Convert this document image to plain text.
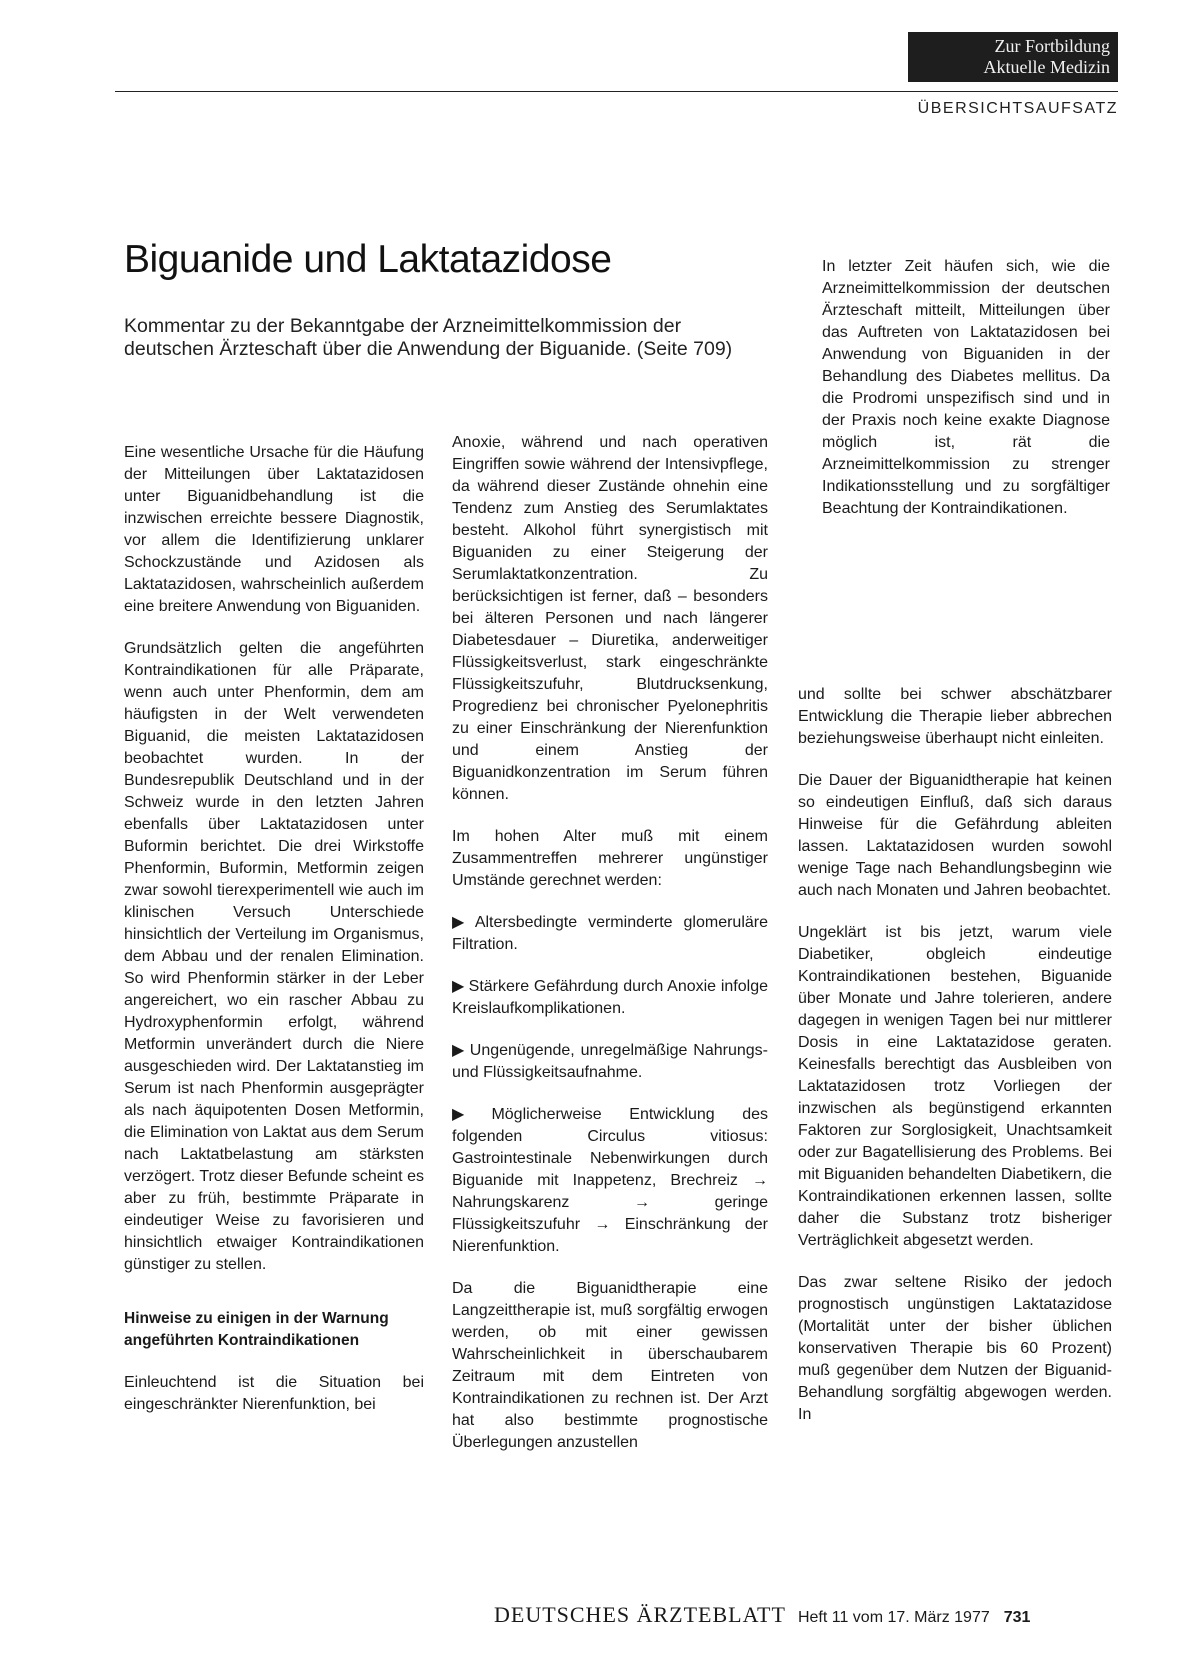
Zur Fortbildung
Aktuelle Medizin
ÜBERSICHTSAUFSATZ
Biguanide und Laktatazidose

Kommentar zu der Bekanntgabe der Arzneimittelkommission der deutschen Ärzteschaft über die Anwendung der Biguanide. (Seite 709)

Eine wesentliche Ursache für die Häufung der Mitteilungen über Laktatazidosen unter Biguanidbehandlung ist die inzwischen erreichte bessere Diagnostik, vor allem die Identifizierung unklarer Schockzustände und Azidosen als Laktatazidosen, wahrscheinlich außerdem eine breitere Anwendung von Biguaniden.

Grundsätzlich gelten die angeführten Kontraindikationen für alle Präparate, wenn auch unter Phenformin, dem am häufigsten in der Welt verwendeten Biguanid, die meisten Laktatazidosen beobachtet wurden. In der Bundesrepublik Deutschland und in der Schweiz wurde in den letzten Jahren ebenfalls über Laktatazidosen unter Buformin berichtet. Die drei Wirkstoffe Phenformin, Buformin, Metformin zeigen zwar sowohl tierexperimentell wie auch im klinischen Versuch Unterschiede hinsichtlich der Verteilung im Organismus, dem Abbau und der renalen Elimination. So wird Phenformin stärker in der Leber angereichert, wo ein rascher Abbau zu Hydroxyphenformin erfolgt, während Metformin unverändert durch die Niere ausgeschieden wird. Der Laktatanstieg im Serum ist nach Phenformin ausgeprägter als nach äquipotenten Dosen Metformin, die Elimination von Laktat aus dem Serum nach Laktatbelastung am stärksten verzögert. Trotz dieser Befunde scheint es aber zu früh, bestimmte Präparate in eindeutiger Weise zu favorisieren und hinsichtlich etwaiger Kontraindikationen günstiger zu stellen.

Hinweise zu einigen in der Warnung angeführten Kontraindikationen

Einleuchtend ist die Situation bei eingeschränkter Nierenfunktion, bei

Anoxie, während und nach operativen Eingriffen sowie während der Intensivpflege, da während dieser Zustände ohnehin eine Tendenz zum Anstieg des Serumlaktates besteht. Alkohol führt synergistisch mit Biguaniden zu einer Steigerung der Serumlaktatkonzentration. Zu berücksichtigen ist ferner, daß – besonders bei älteren Personen und nach längerer Diabetesdauer – Diuretika, anderweitiger Flüssigkeitsverlust, stark eingeschränkte Flüssigkeitszufuhr, Blutdrucksenkung, Progredienz bei chronischer Pyelonephritis zu einer Einschränkung der Nierenfunktion und einem Anstieg der Biguanidkonzentration im Serum führen können.

Im hohen Alter muß mit einem Zusammentreffen mehrerer ungünstiger Umstände gerechnet werden:

▶ Altersbedingte verminderte glomeruläre Filtration.

▶ Stärkere Gefährdung durch Anoxie infolge Kreislaufkomplikationen.

▶ Ungenügende, unregelmäßige Nahrungs- und Flüssigkeitsaufnahme.

▶ Möglicherweise Entwicklung des folgenden Circulus vitiosus: Gastrointestinale Nebenwirkungen durch Biguanide mit Inappetenz, Brechreiz → Nahrungskarenz → geringe Flüssigkeitszufuhr → Einschränkung der Nierenfunktion.

Da die Biguanidtherapie eine Langzeittherapie ist, muß sorgfältig erwogen werden, ob mit einer gewissen Wahrscheinlichkeit in überschaubarem Zeitraum mit dem Eintreten von Kontraindikationen zu rechnen ist. Der Arzt hat also bestimmte prognostische Überlegungen anzustellen

In letzter Zeit häufen sich, wie die Arzneimittelkommission der deutschen Ärzteschaft mitteilt, Mitteilungen über das Auftreten von Laktatazidosen bei Anwendung von Biguaniden in der Behandlung des Diabetes mellitus. Da die Prodromi unspezifisch sind und in der Praxis noch keine exakte Diagnose möglich ist, rät die Arzneimittelkommission zu strenger Indikationsstellung und zu sorgfältiger Beachtung der Kontraindikationen.

und sollte bei schwer abschätzbarer Entwicklung die Therapie lieber abbrechen beziehungsweise überhaupt nicht einleiten.

Die Dauer der Biguanidtherapie hat keinen so eindeutigen Einfluß, daß sich daraus Hinweise für die Gefährdung ableiten lassen. Laktatazidosen wurden sowohl wenige Tage nach Behandlungsbeginn wie auch nach Monaten und Jahren beobachtet.

Ungeklärt ist bis jetzt, warum viele Diabetiker, obgleich eindeutige Kontraindikationen bestehen, Biguanide über Monate und Jahre tolerieren, andere dagegen in wenigen Tagen bei nur mittlerer Dosis in eine Laktatazidose geraten. Keinesfalls berechtigt das Ausbleiben von Laktatazidosen trotz Vorliegen der inzwischen als begünstigend erkannten Faktoren zur Sorglosigkeit, Unachtsamkeit oder zur Bagatellisierung des Problems. Bei mit Biguaniden behandelten Diabetikern, die Kontraindikationen erkennen lassen, sollte daher die Substanz trotz bisheriger Verträglichkeit abgesetzt werden.

Das zwar seltene Risiko der jedoch prognostisch ungünstigen Laktatazidose (Mortalität unter der bisher üblichen konservativen Therapie bis 60 Prozent) muß gegenüber dem Nutzen der Biguanid-Behandlung sorgfältig abgewogen werden. In

DEUTSCHES ÄRZTEBLATT Heft 11 vom 17. März 1977 731
